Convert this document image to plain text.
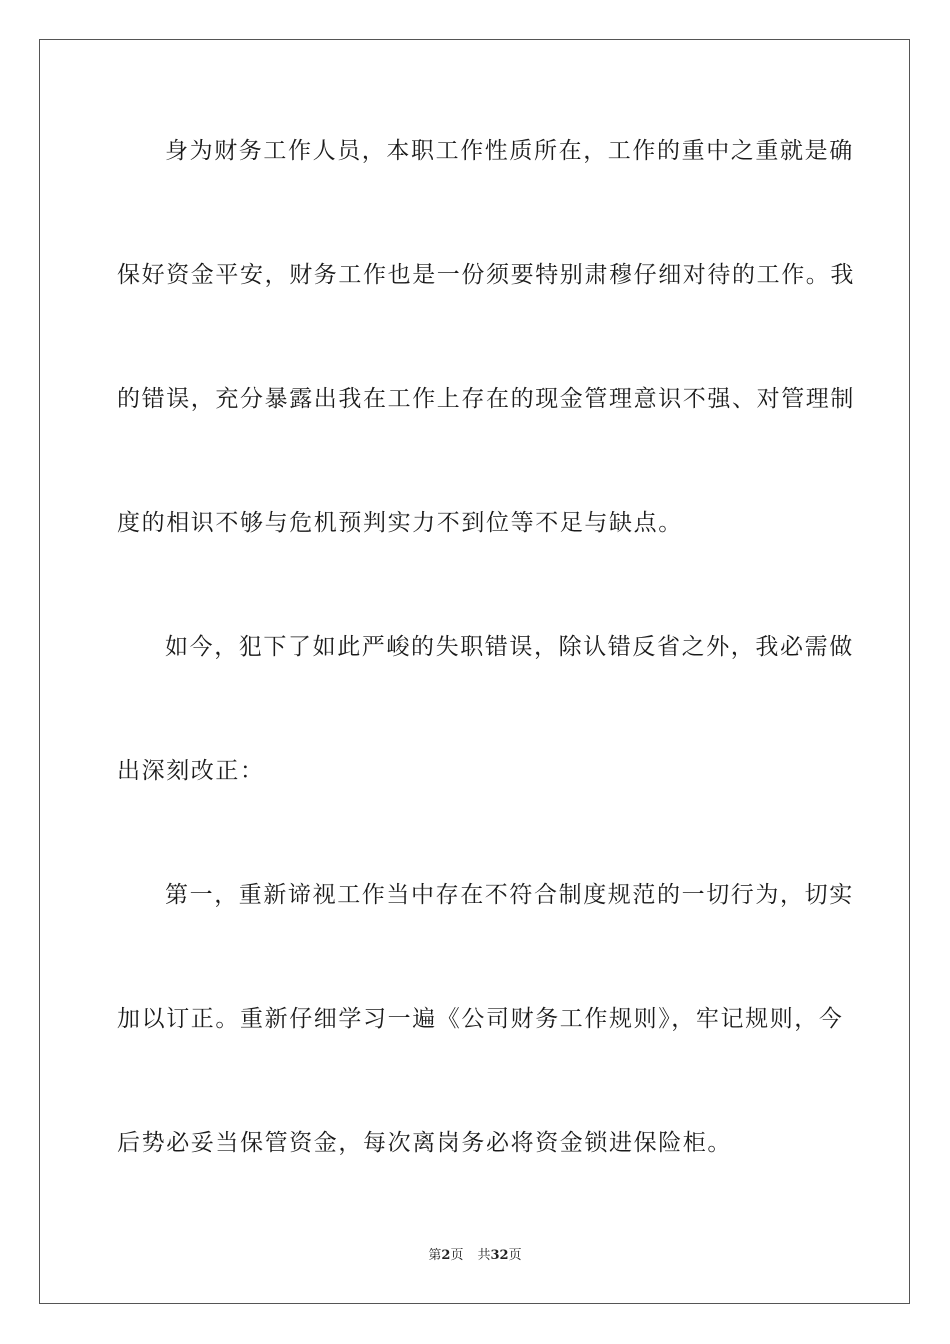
身为财务工作人员，本职工作性质所在，工作的重中之重就是确
保好资金平安，财务工作也是一份须要特别肃穆仔细对待的工作。我
的错误，充分暴露出我在工作上存在的现金管理意识不强、对管理制
度的相识不够与危机预判实力不到位等不足与缺点。
如今，犯下了如此严峻的失职错误，除认错反省之外，我必需做
出深刻改正：
第一，重新谛视工作当中存在不符合制度规范的一切行为，切实
加以订正。重新仔细学习一遍《公司财务工作规则》，牢记规则，今
后势必妥当保管资金，每次离岗务必将资金锁进保险柜。
第2页 共32页
